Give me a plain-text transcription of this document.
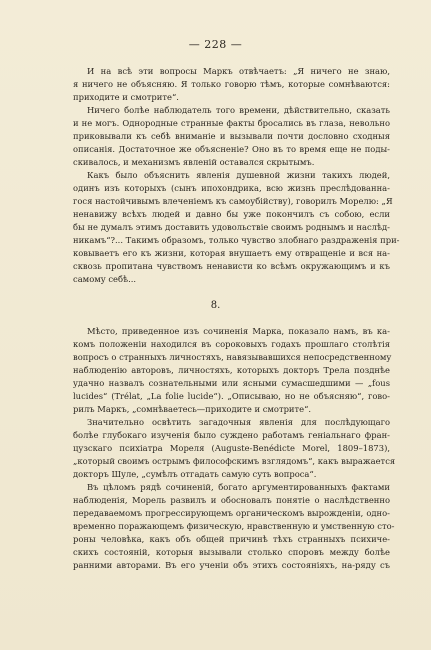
— 228 —
И на всѣ эти вопросы Маркъ отвѣчаетъ: „Я ничего не знаю,
я ничего не объясняю. Я только говорю тѣмъ, которые сомнѣваются:
приходите и смотрите“.
Ничего болѣе наблюдатель того времени, дѣйствительно, сказать
и не могъ. Однородные странные факты бросались въ глаза, невольно
приковывали къ себѣ вниманіе и вызывали почти дословно сходныя
описанія. Достаточное же объясненіе? Оно въ то время еще не поды-
скивалось, и механизмъ явленій оставался скрытымъ.
Какъ было объяснить явленія душевной жизни такихъ людей,
одинъ изъ которыхъ (сынъ ипохондрика, всю жизнь преслѣдованна-
гося настойчивымъ влеченіемъ къ самоубійству), говорилъ Морелю: „Я
ненавижу всѣхъ людей и давно бы уже покончилъ съ собою, если
бы не думалъ этимъ доставить удовольствіе своимъ роднымъ и наслѣд-
никамъ“?... Такимъ образомъ, только чувство злобнаго раздраженія при-
ковываетъ его къ жизни, которая внушаетъ ему отвращеніе и вся на-
сквозь пропитана чувствомъ ненависти ко всѣмъ окружающимъ и къ
самому себѣ...
8.
Мѣсто, приведенное изъ сочиненія Марка, показало намъ, въ ка-
комъ положеніи находился въ сороковыхъ годахъ прошлаго столѣтія
вопросъ о странныхъ личностяхъ, навязывавшихся непосредственному
наблюденію авторовъ, личностяхъ, которыхъ докторъ Трела позднѣе
удачно назвалъ сознательными или ясными сумасшедшими — „fous
lucides“ (Trélat, „La folie lucide“). „Описываю, но не объясняю“, гово-
рилъ Маркъ, „сомнѣваетесь—приходите и смотрите“.
Значительно освѣтить загадочныя явленія для послѣдующаго
болѣе глубокаго изученія было суждено работамъ геніальнаго фран-
цузскаго психіатра Мореля (Auguste-Benédicte Morel, 1809–1873),
„который своимъ острымъ философскимъ взглядомъ“, какъ выражается
докторъ Шуле, „сумѣлъ отгадать самую суть вопроса“.
Въ цѣломъ рядѣ сочиненій, богато аргументированныхъ фактами
наблюденія, Морель развилъ и обосновалъ понятіе о наслѣдственно
передаваемомъ прогрессирующемъ органическомъ вырожденіи, одно-
временно поражающемъ физическую, нравственную и умственную сто-
роны человѣка, какъ объ общей причинѣ тѣхъ странныхъ психиче-
скихъ состояній, которыя вызывали столько споровъ между болѣе
ранними авторами. Въ его ученіи объ этихъ состояніяхъ, на-ряду съ
